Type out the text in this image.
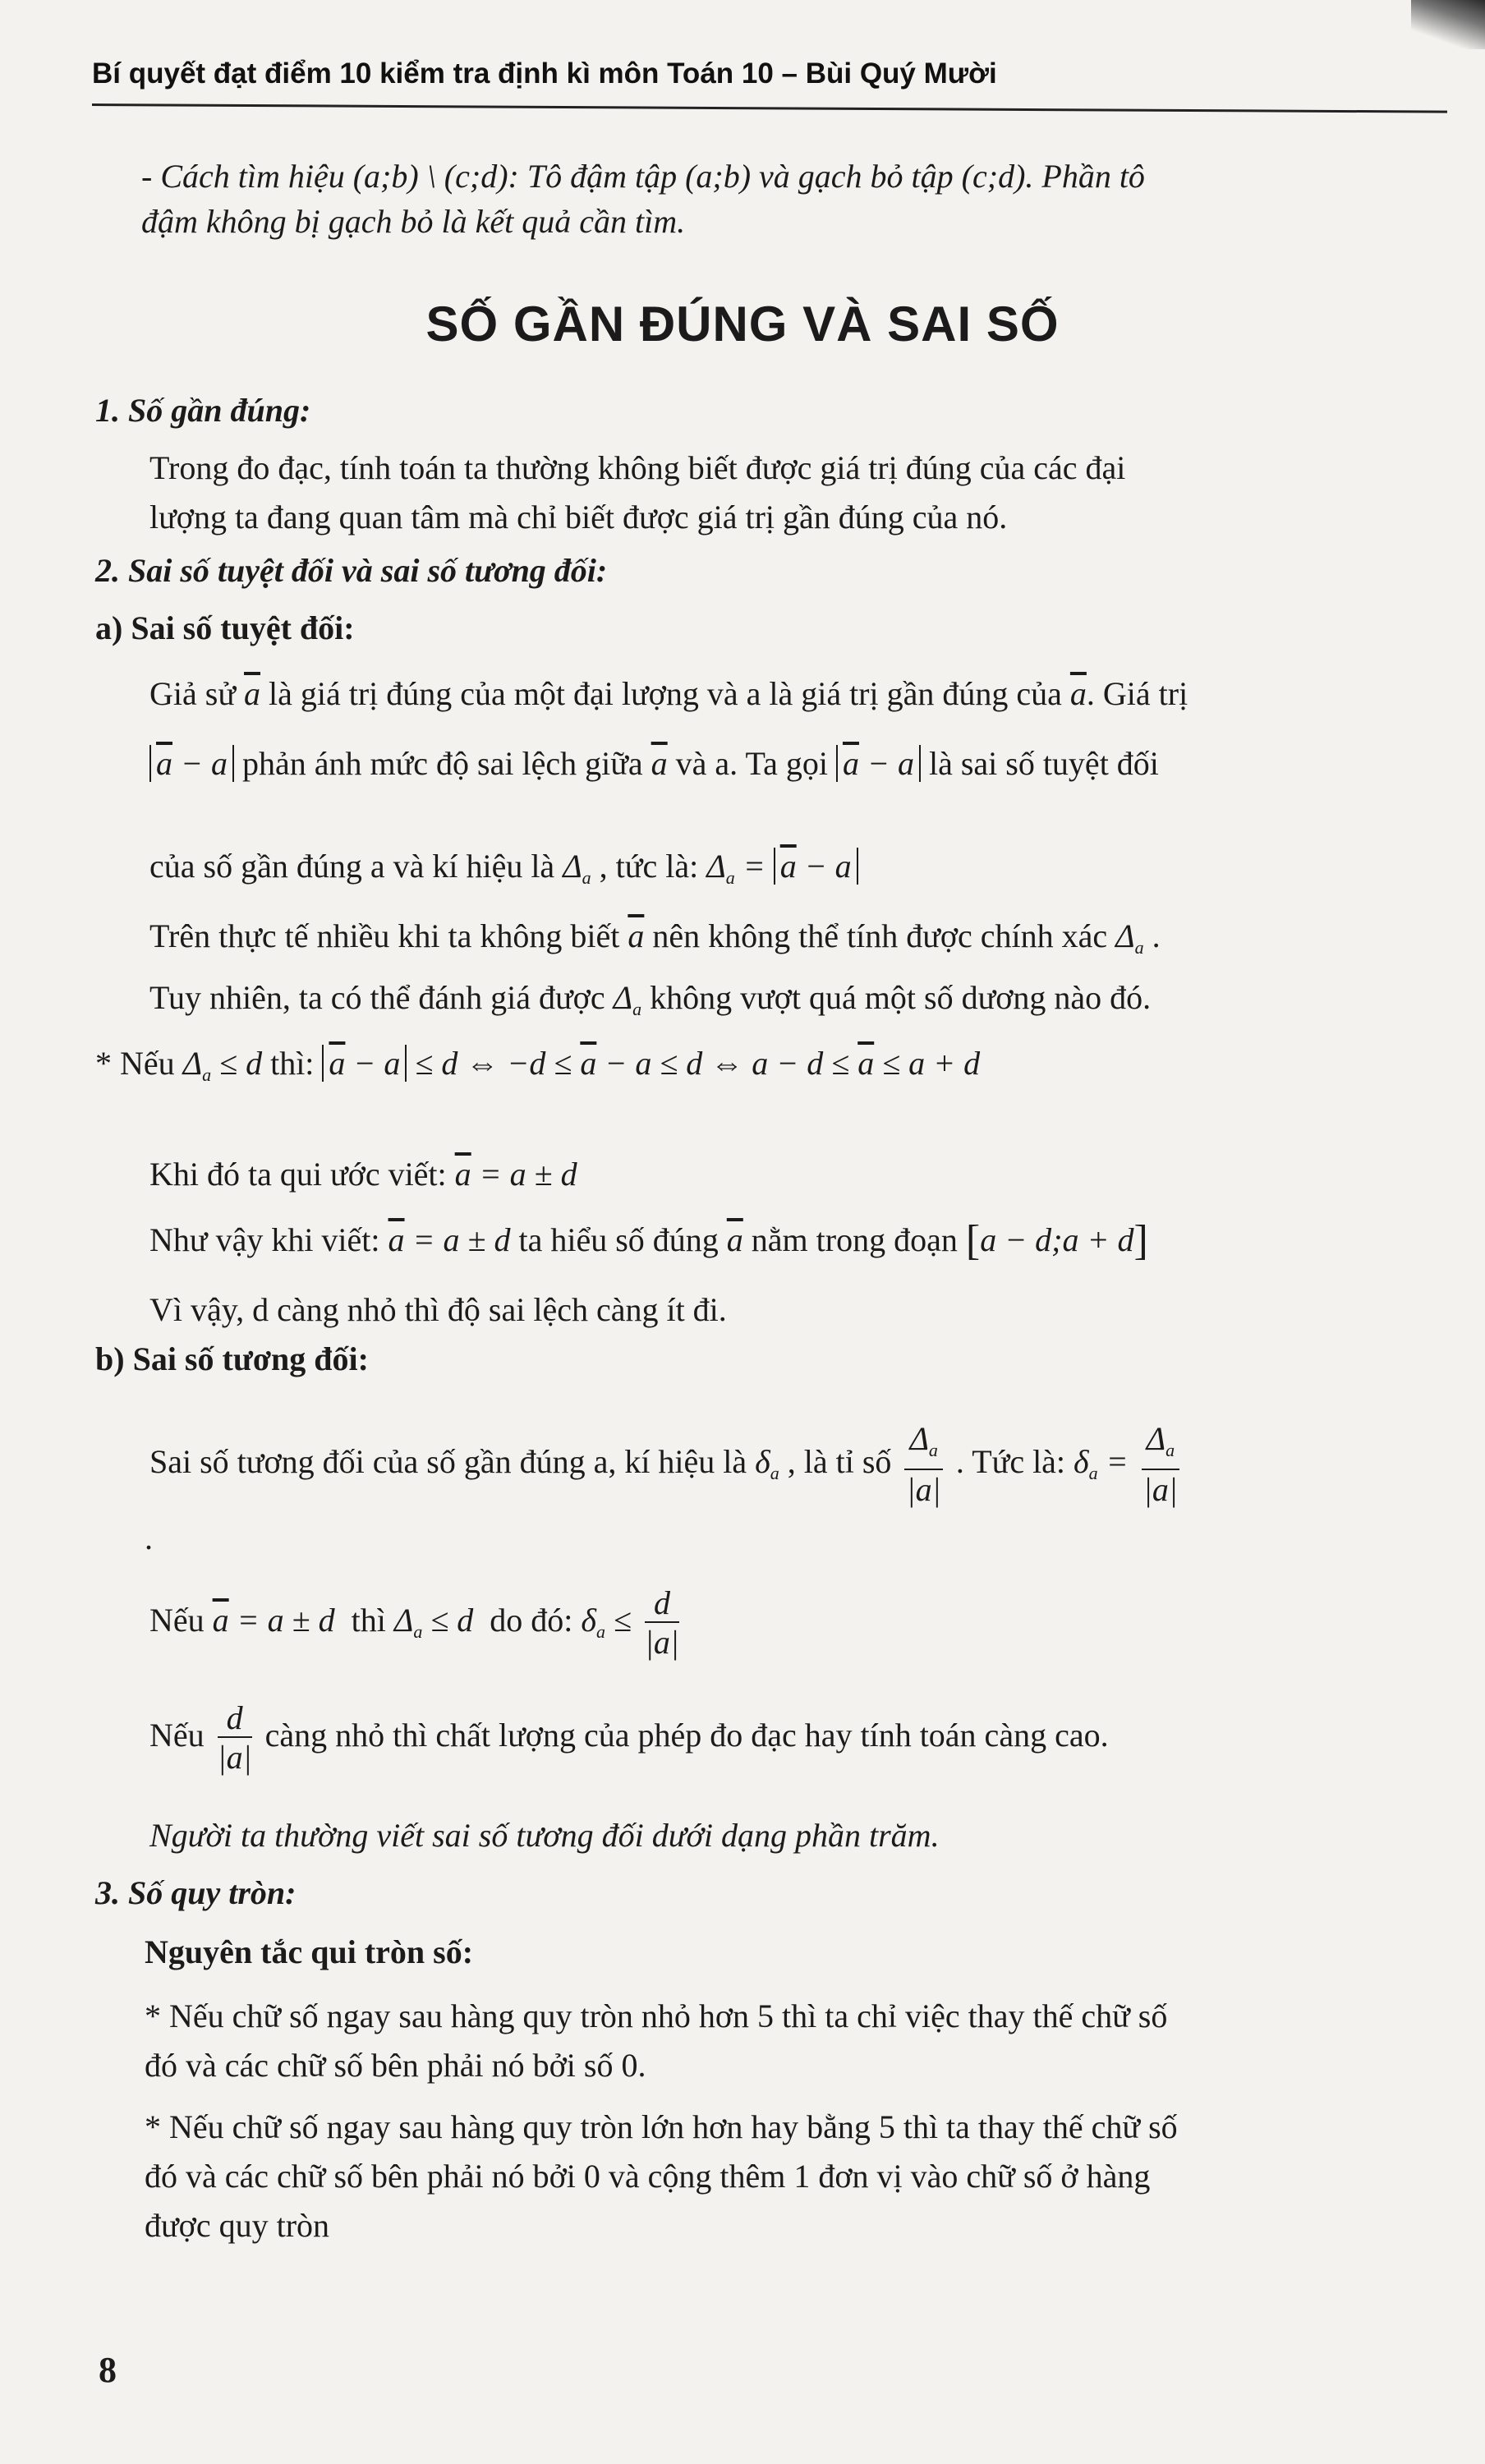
Bí quyết đạt điểm 10 kiểm tra định kì môn Toán 10 – Bùi Quý Mười
- Cách tìm hiệu (a;b) \ (c;d): Tô đậm tập (a;b) và gạch bỏ tập (c;d). Phần tô
đậm không bị gạch bỏ là kết quả cần tìm.
SỐ GẦN ĐÚNG VÀ SAI SỐ
1. Số gần đúng:
Trong đo đạc, tính toán ta thường không biết được giá trị đúng của các đại
lượng ta đang quan tâm mà chỉ biết được giá trị gần đúng của nó.
2. Sai số tuyệt đối và sai số tương đối:
a) Sai số tuyệt đối:
Giả sử $\overline{a}$ là giá trị đúng của một đại lượng và a là giá trị gần đúng của $\overline{a}$. Giá trị
$\overline{a} - a$ phản ánh mức độ sai lệch giữa $\overline{a}$ và a. Ta gọi $\overline{a} - a$ là sai số tuyệt đối
của số gần đúng a và kí hiệu là $\Delta_a$ , tức là: $\Delta_a = \overline{a} - a$
Trên thực tế nhiều khi ta không biết $\overline{a}$ nên không thể tính được chính xác $\Delta_a$ .
Tuy nhiên, ta có thể đánh giá được $\Delta_a$ không vượt quá một số dương nào đó.
* Nếu $\Delta_a \le d$ thì: $\overline{a} - a \le d$ ⇔ $-d \le \overline{a} - a \le d$ ⇔ $a - d \le \overline{a} \le a + d$
Khi đó ta qui ước viết: $\overline{a} = a \pm d$
Như vậy khi viết: $\overline{a} = a \pm d$ ta hiểu số đúng $\overline{a}$ nằm trong đoạn [a − d;a + d]
Vì vậy, d càng nhỏ thì độ sai lệch càng ít đi.
b) Sai số tương đối:
Sai số tương đối của số gần đúng a, kí hiệu là $\delta_a$ , là tỉ số $\frac{\Delta_a}{|a|}$ . Tức là: $\delta_a = \frac{\Delta_a}{|a|}$
.
Nếu $\overline{a} = a \pm d$ thì $\Delta_a \le d$ do đó: $\delta_a \le \frac{d}{|a|}$
Nếu $\frac{d}{|a|}$ càng nhỏ thì chất lượng của phép đo đạc hay tính toán càng cao.
Người ta thường viết sai số tương đối dưới dạng phần trăm.
3. Số quy tròn:
Nguyên tắc qui tròn số:
* Nếu chữ số ngay sau hàng quy tròn nhỏ hơn 5 thì ta chỉ việc thay thế chữ số
đó và các chữ số bên phải nó bởi số 0.
* Nếu chữ số ngay sau hàng quy tròn lớn hơn hay bằng 5 thì ta thay thế chữ số
đó và các chữ số bên phải nó bởi 0 và cộng thêm 1 đơn vị vào chữ số ở hàng
được quy tròn
8
